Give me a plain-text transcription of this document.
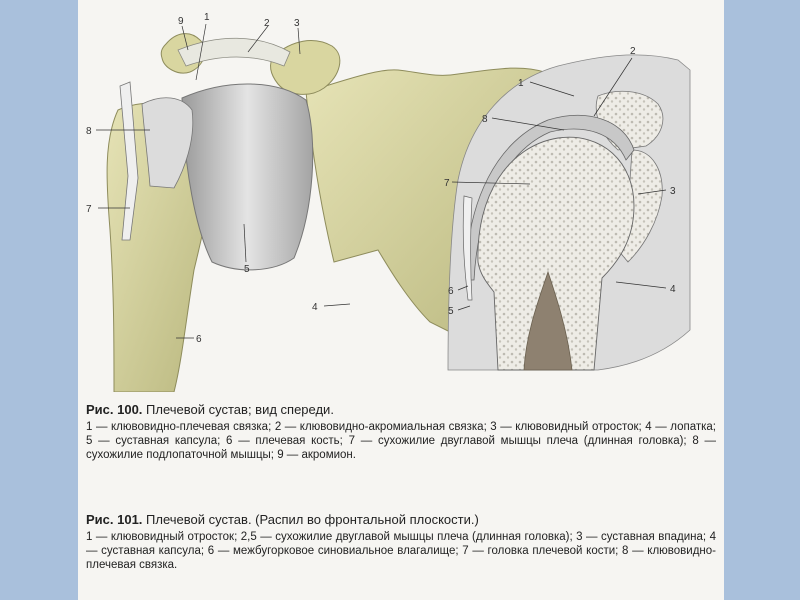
9 1
2 3
8
7
5
4
6
1
2
8
7
3
4
6
5

Рис. 100. Плечевой сустав; вид спереди.

1 — клювовидно-плечевая связка; 2 — клювовидно-акромиальная связка; 3 — клювовидный отросток; 4 — лопатка; 5 — суставная капсула; 6 — плечевая кость; 7 — сухожилие двуглавой мышцы плеча (длинная головка); 8 — сухожилие подлопаточной мышцы; 9 — акромион.

Рис. 101. Плечевой сустав. (Распил во фронтальной плоскости.)

1 — клювовидный отросток; 2,5 — сухожилие двуглавой мышцы плеча (длинная головка); 3 — суставная впадина; 4 — суставная капсула; 6 — межбугорковое синовиальное влагалище; 7 — головка плечевой кости; 8 — клювовидно-плечевая связка.
